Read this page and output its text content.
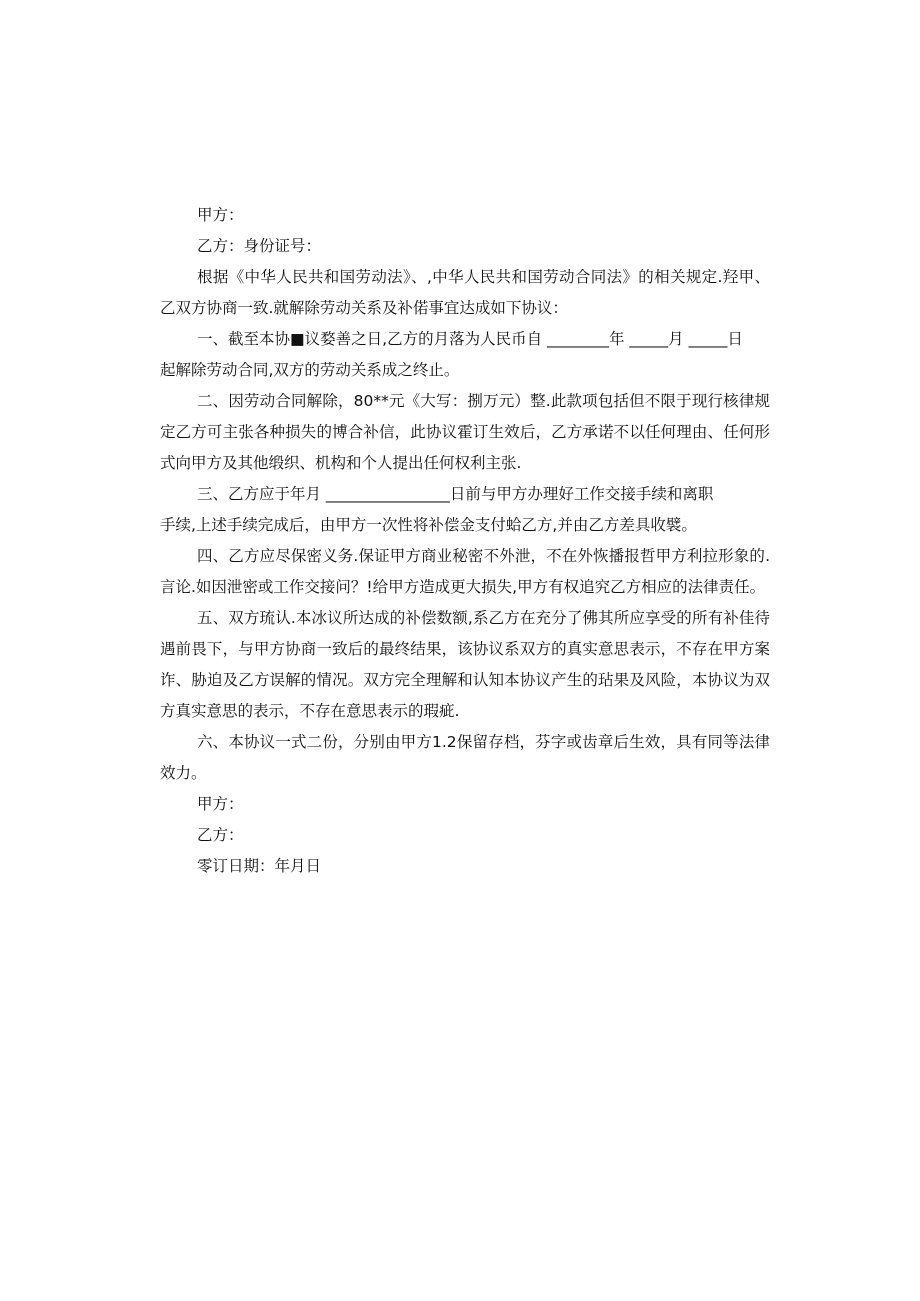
甲方：
乙方：身份证号：

根据《中华人民共和国劳动法》、,中华人民共和国劳动合同法》的相关规定.羟甲、乙双方协商一致.就解除劳动关系及补偌事宜达成如下协议：

一、截至本协■议婺善之日,乙方的月落为人民币自 ________年 _____月 _____日
起解除劳动合同,双方的劳动关系成之终止。

二、因劳动合同解除，80**元《大写：捌万元）整.此款项包括但不限于现行核律规定乙方可主张各种损失的博合补信，此协议霍订生效后，乙方承诺不以任何理由、任何形式向甲方及其他缎织、机构和个人提出任何权利主张.

三、乙方应于年月 ________________日前与甲方办理好工作交接手续和离职
手续,上述手续完成后，由甲方一次性将补偿金支付蛤乙方,并由乙方差具收襞。

四、乙方应尽保密义务.保证甲方商业秘密不外泄，不在外恢播报哲甲方利拉形象的.言论.如因泄密或工作交接问？!给甲方造成更大损失,甲方有权追究乙方相应的法律责任。

五、双方琉认.本冰议所达成的补偿数额,系乙方在充分了佛其所应享受的所有补佳待遇前畏下，与甲方协商一致后的最终结果，该协议系双方的真实意思表示，不存在甲方案诈、胁迫及乙方误解的情况。双方完全理解和认知本协议产生的玷果及风险，本协议为双方真实意思的表示，不存在意思表示的瑕疵.

六、本协议一式二份，分别由甲方1.2保留存档，芬字或齿章后生效，具有同等法律效力。

甲方：
乙方：
零订日期：年月日
